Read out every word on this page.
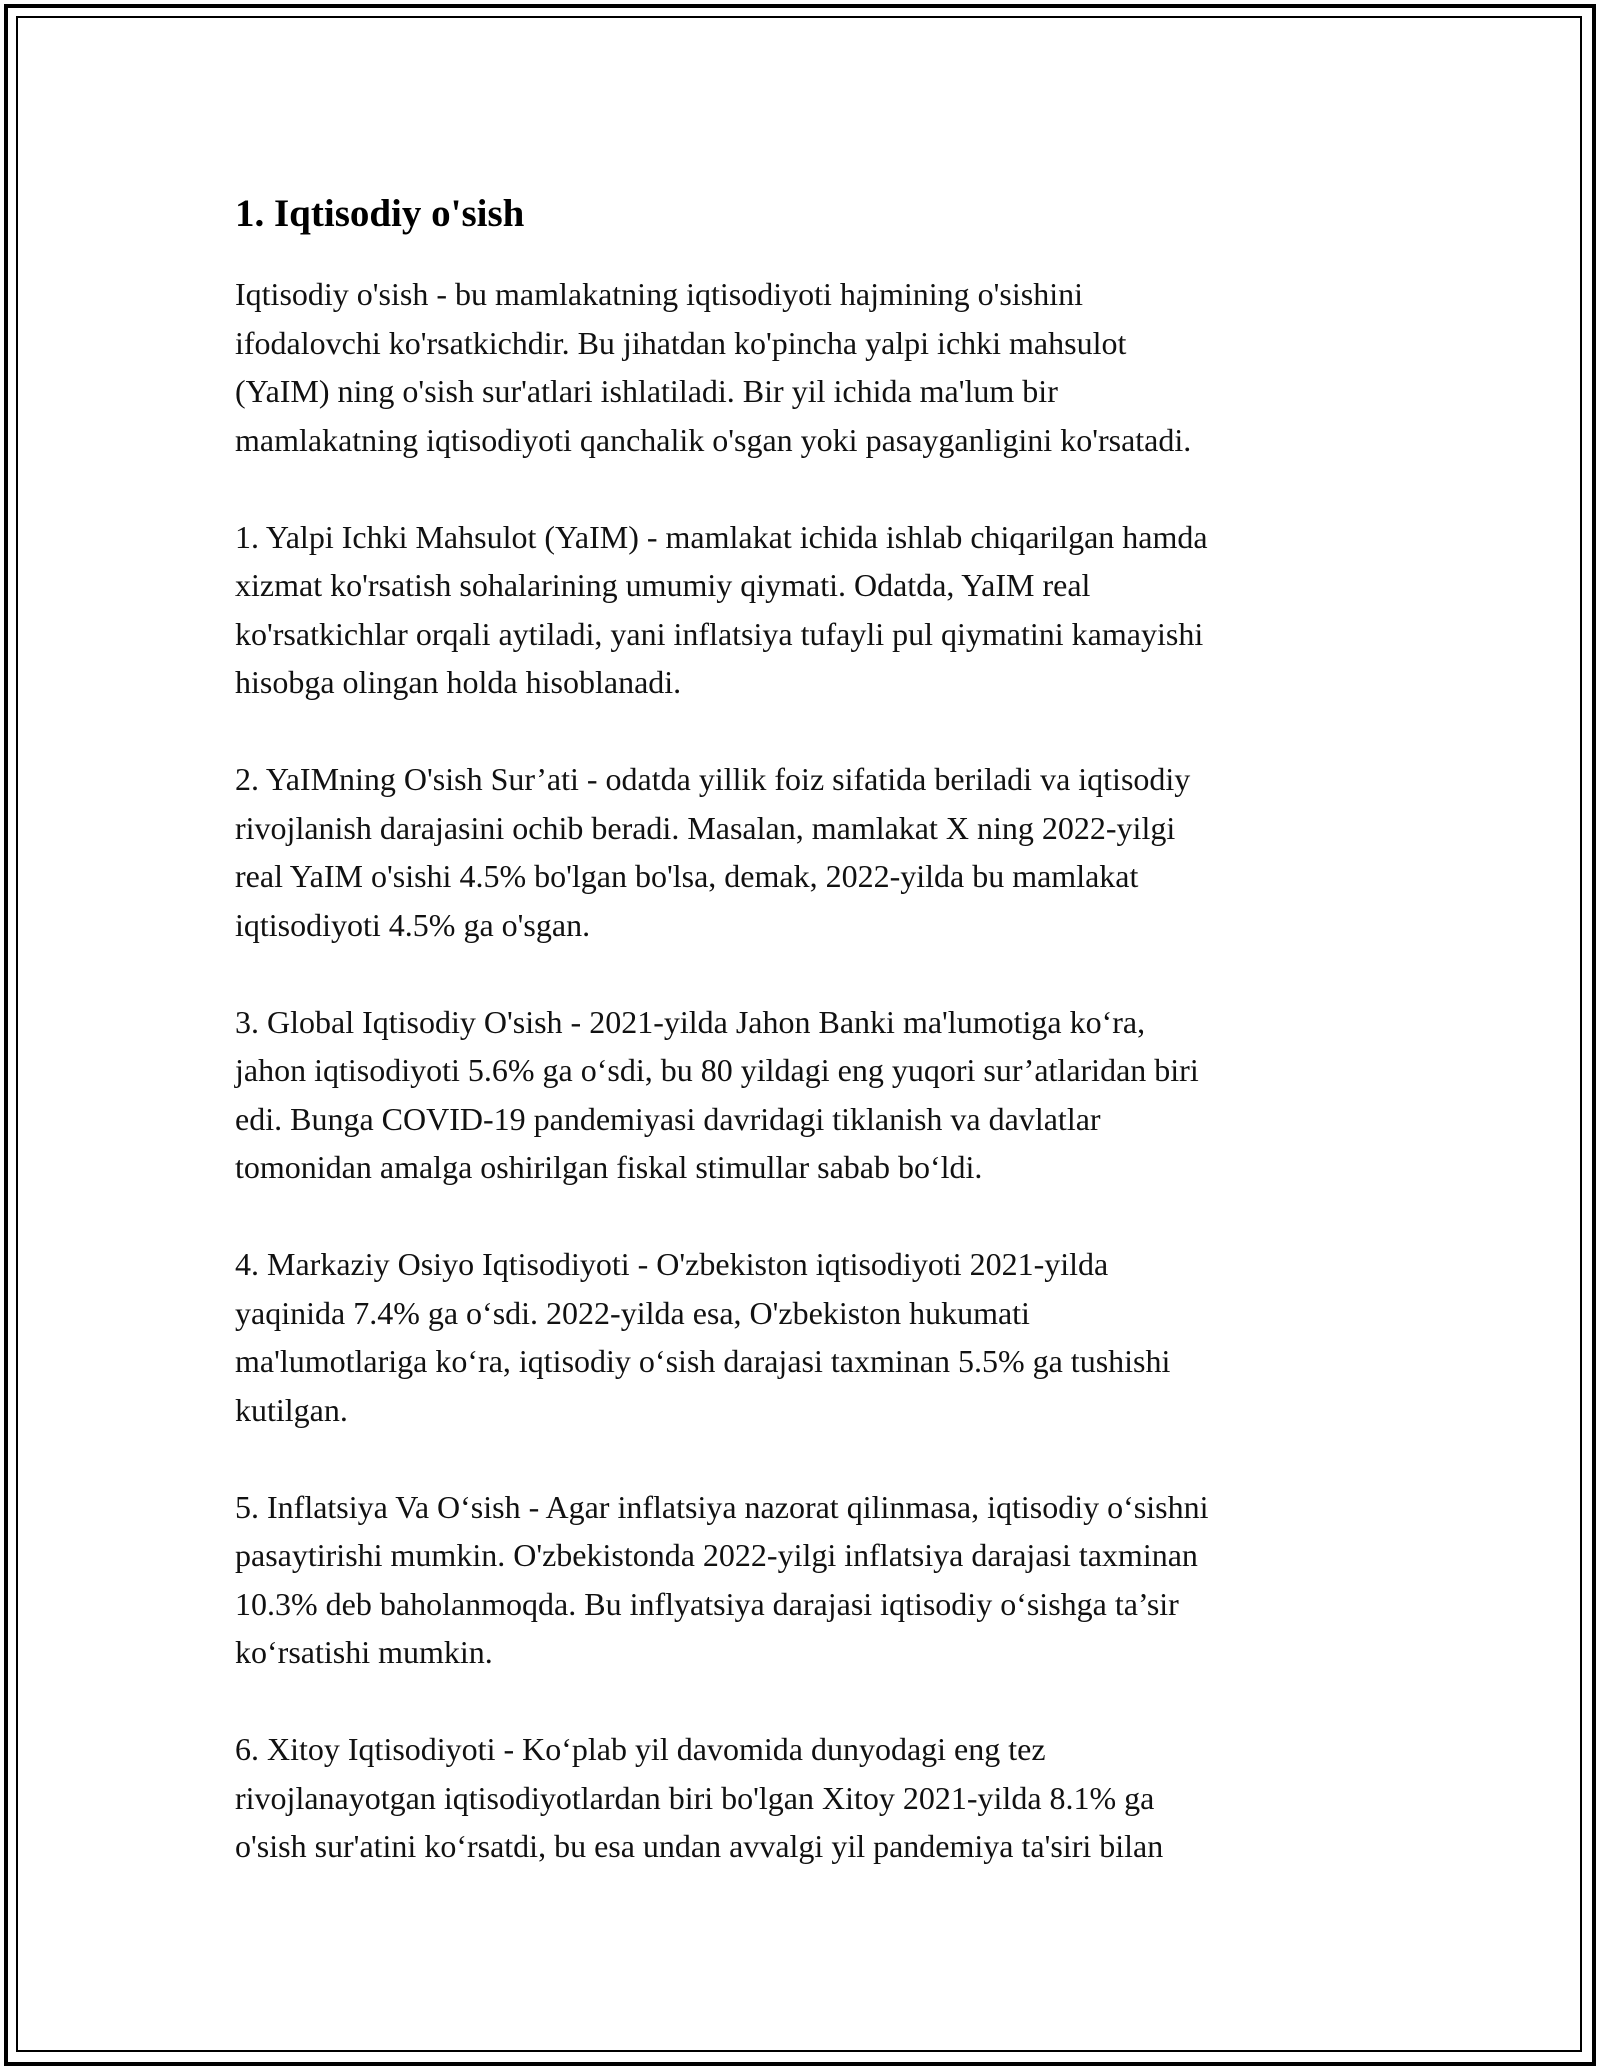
1. Iqtisodiy o'sish

Iqtisodiy o'sish - bu mamlakatning iqtisodiyoti hajmining o'sishini
ifodalovchi ko'rsatkichdir. Bu jihatdan ko'pincha yalpi ichki mahsulot
(YaIM) ning o'sish sur'atlari ishlatiladi. Bir yil ichida ma'lum bir
mamlakatning iqtisodiyoti qanchalik o'sgan yoki pasayganligini ko'rsatadi.

1. Yalpi Ichki Mahsulot (YaIM) - mamlakat ichida ishlab chiqarilgan hamda
xizmat ko'rsatish sohalarining umumiy qiymati. Odatda, YaIM real
ko'rsatkichlar orqali aytiladi, yani inflatsiya tufayli pul qiymatini kamayishi
hisobga olingan holda hisoblanadi.

2. YaIMning O'sish Sur’ati - odatda yillik foiz sifatida beriladi va iqtisodiy
rivojlanish darajasini ochib beradi. Masalan, mamlakat X ning 2022-yilgi
real YaIM o'sishi 4.5% bo'lgan bo'lsa, demak, 2022-yilda bu mamlakat
iqtisodiyoti 4.5% ga o'sgan.

3. Global Iqtisodiy O'sish - 2021-yilda Jahon Banki ma'lumotiga ko‘ra,
jahon iqtisodiyoti 5.6% ga o‘sdi, bu 80 yildagi eng yuqori sur’atlaridan biri
edi. Bunga COVID-19 pandemiyasi davridagi tiklanish va davlatlar
tomonidan amalga oshirilgan fiskal stimullar sabab bo‘ldi.

4. Markaziy Osiyo Iqtisodiyoti - O'zbekiston iqtisodiyoti 2021-yilda
yaqinida 7.4% ga o‘sdi. 2022-yilda esa, O'zbekiston hukumati
ma'lumotlariga ko‘ra, iqtisodiy o‘sish darajasi taxminan 5.5% ga tushishi
kutilgan.

5. Inflatsiya Va O‘sish - Agar inflatsiya nazorat qilinmasa, iqtisodiy o‘sishni
pasaytirishi mumkin. O'zbekistonda 2022-yilgi inflatsiya darajasi taxminan
10.3% deb baholanmoqda. Bu inflyatsiya darajasi iqtisodiy o‘sishga ta’sir
ko‘rsatishi mumkin.

6. Xitoy Iqtisodiyoti - Ko‘plab yil davomida dunyodagi eng tez
rivojlanayotgan iqtisodiyotlardan biri bo'lgan Xitoy 2021-yilda 8.1% ga
o'sish sur'atini ko‘rsatdi, bu esa undan avvalgi yil pandemiya ta'siri bilan
